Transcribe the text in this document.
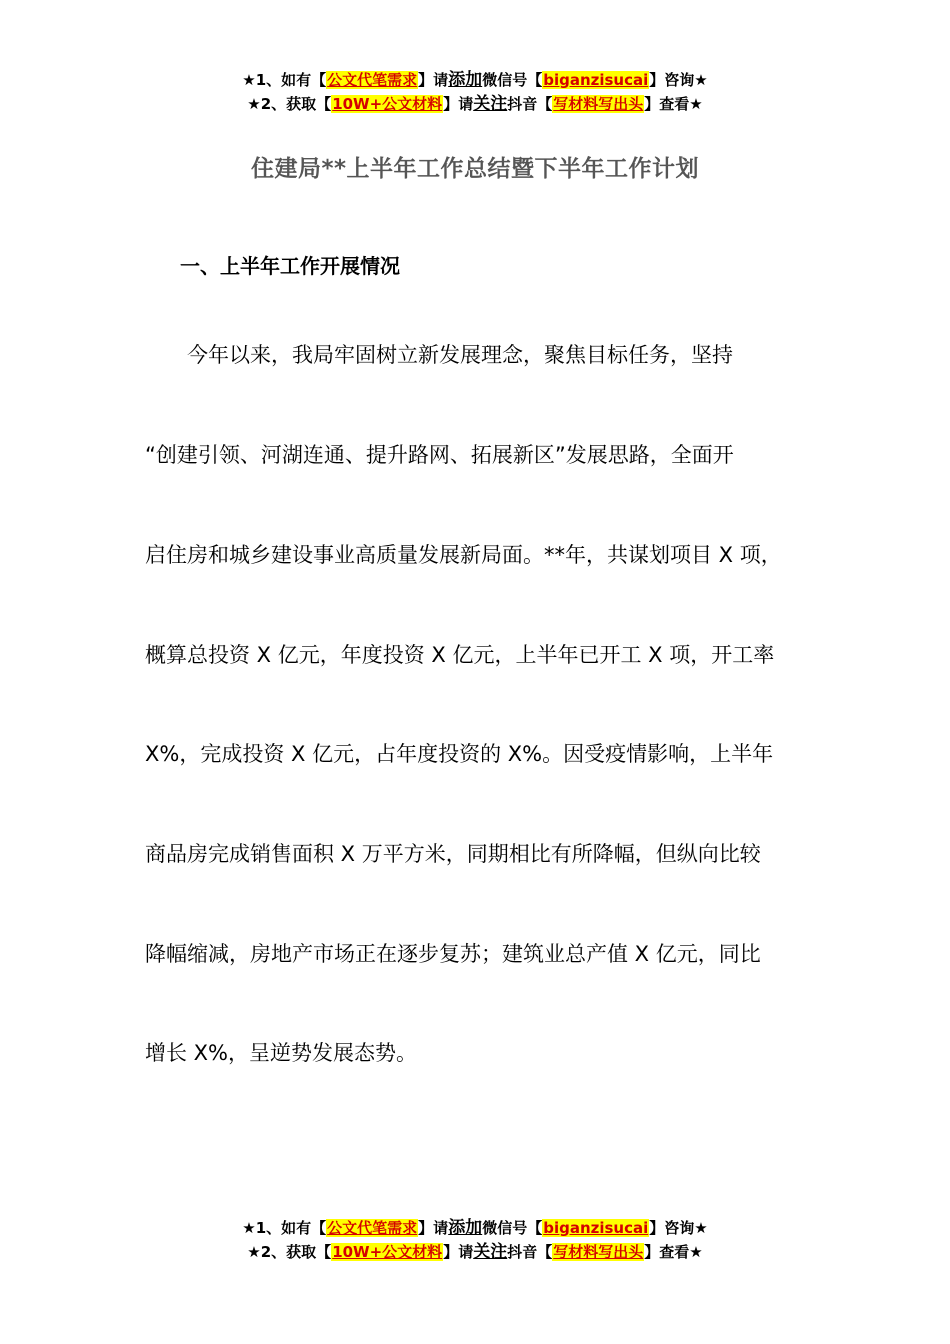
★1、如有【公文代笔需求】请添加微信号【biganzisucai】咨询★
★2、获取【10W+公文材料】请关注抖音【写材料写出头】查看★
住建局**上半年工作总结暨下半年工作计划
一、上半年工作开展情况
　　今年以来，我局牢固树立新发展理念，聚焦目标任务，坚持
“创建引领、河湖连通、提升路网、拓展新区”发展思路，全面开
启住房和城乡建设事业高质量发展新局面。**年，共谋划项目 X 项，
概算总投资 X 亿元，年度投资 X 亿元，上半年已开工 X 项，开工率
X%，完成投资 X 亿元，占年度投资的 X%。因受疫情影响，上半年
商品房完成销售面积 X 万平方米，同期相比有所降幅，但纵向比较
降幅缩减，房地产市场正在逐步复苏；建筑业总产值 X 亿元，同比
增长 X%，呈逆势发展态势。
★1、如有【公文代笔需求】请添加微信号【biganzisucai】咨询★
★2、获取【10W+公文材料】请关注抖音【写材料写出头】查看★
